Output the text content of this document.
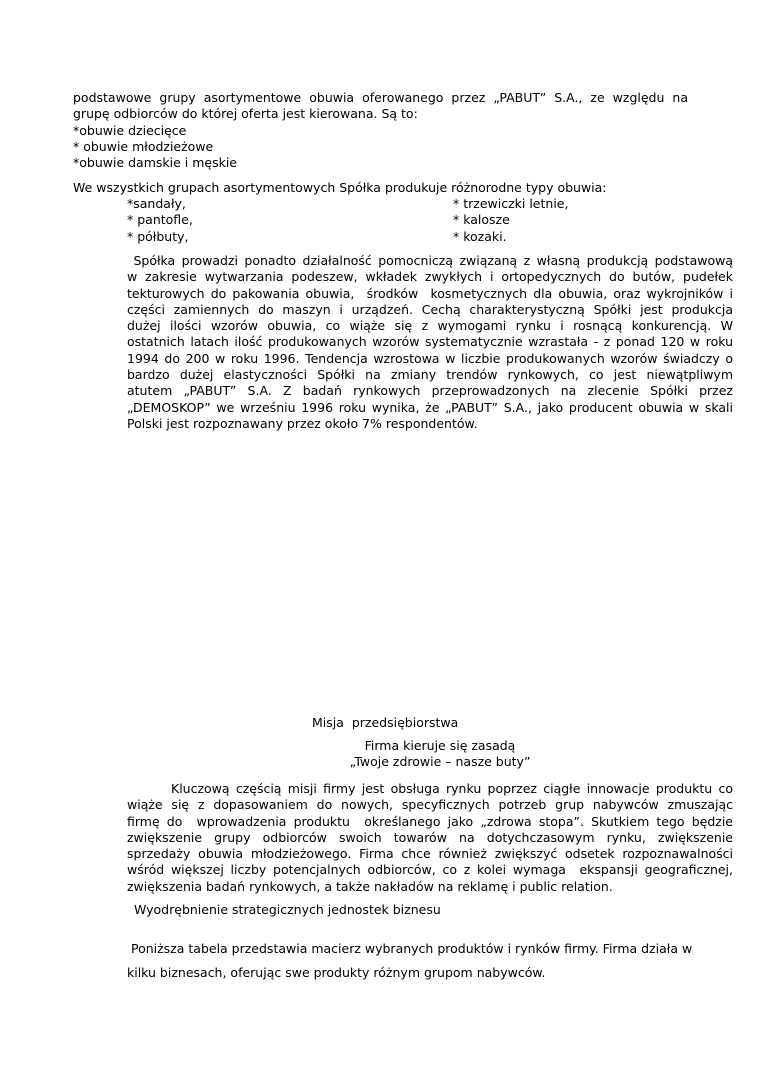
podstawowe grupy asortymentowe obuwia oferowanego przez „PABUT” S.A., ze względu na
grupę odbiorców do której oferta jest kierowana. Są to:
*obuwie dziecięce
* obuwie młodzieżowe
*obuwie damskie i męskie
We wszystkich grupach asortymentowych Spółka produkuje różnorodne typy obuwia:
*sandały,
* pantofle,
* półbuty,
* trzewiczki letnie,
* kalosze
* kozaki.
Spółka prowadzi ponadto działalność pomocniczą związaną z własną produkcją podstawową
w zakresie wytwarzania podeszew, wkładek zwykłych i ortopedycznych do butów, pudełek
tekturowych do pakowania obuwia,  środków  kosmetycznych dla obuwia, oraz wykrojników i
części zamiennych do maszyn i urządzeń. Cechą charakterystyczną Spółki jest produkcja
dużej ilości wzorów obuwia, co wiąże się z wymogami rynku i rosnącą konkurencją. W
ostatnich latach ilość produkowanych wzorów systematycznie wzrastała - z ponad 120 w roku
1994 do 200 w roku 1996. Tendencja wzrostowa w liczbie produkowanych wzorów świadczy o
bardzo dużej elastyczności Spółki na zmiany trendów rynkowych, co jest niewątpliwym
atutem „PABUT” S.A. Z badań rynkowych przeprowadzonych na zlecenie Spółki przez
„DEMOSKOP” we wrześniu 1996 roku wynika, że „PABUT” S.A., jako producent obuwia w skali
Polski jest rozpoznawany przez około 7% respondentów.
Misja  przedsiębiorstwa
Firma kieruje się zasadą
„Twoje zdrowie – nasze buty”
Kluczową częścią misji firmy jest obsługa rynku poprzez ciągłe innowacje produktu co
wiąże się z dopasowaniem do nowych, specyficznych potrzeb grup nabywców zmuszając
firmę do  wprowadzenia produktu  określanego jako „zdrowa stopa”. Skutkiem tego będzie
zwiększenie grupy odbiorców swoich towarów na dotychczasowym rynku, zwiększenie
sprzedaży obuwia młodzieżowego. Firma chce również zwiększyć odsetek rozpoznawalności
wśród większej liczby potencjalnych odbiorców, co z kolei wymaga  ekspansji geograficznej,
zwiększenia badań rynkowych, a także nakładów na reklamę i public relation.
Wyodrębnienie strategicznych jednostek biznesu
Poniższa tabela przedstawia macierz wybranych produktów i rynków firmy. Firma działa w
kilku biznesach, oferując swe produkty różnym grupom nabywców.
